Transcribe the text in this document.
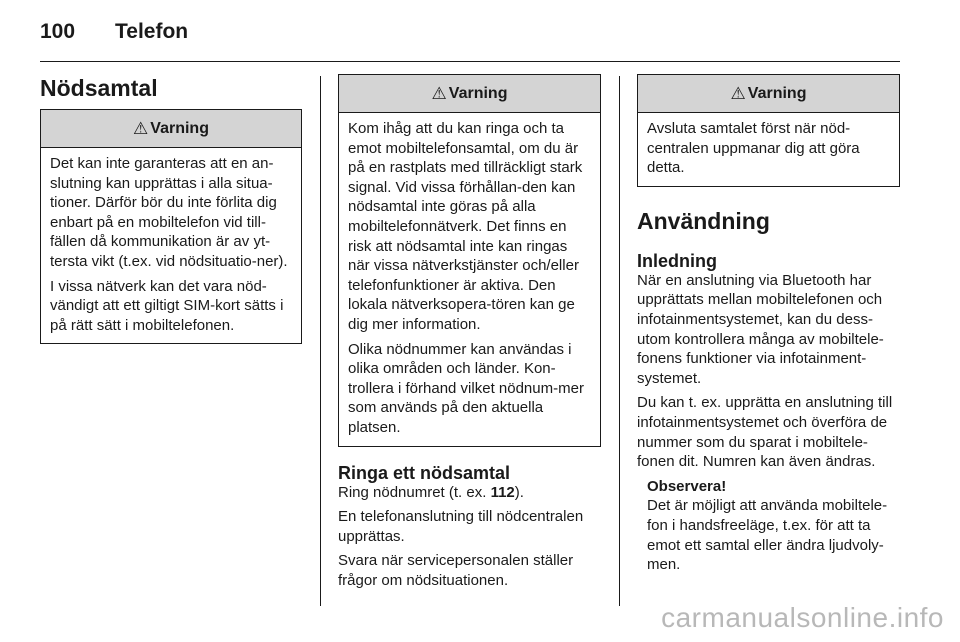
100 Telefon
Nödsamtal
⚠ Varning

Det kan inte garanteras att en an-slutning kan upprättas i alla situa-tioner. Därför bör du inte förlita dig enbart på en mobiltelefon vid till-fällen då kommunikation är av yt-tersta vikt (t.ex. vid nödsituatio-ner).

I vissa nätverk kan det vara nöd-vändigt att ett giltigt SIM-kort sätts i på rätt sätt i mobiltelefonen.

⚠ Varning

Kom ihåg att du kan ringa och ta emot mobiltelefonsamtal, om du är på en rastplats med tillräckligt stark signal. Vid vissa förhållan-den kan nödsamtal inte göras på alla mobiltelefonnätverk. Det finns en risk att nödsamtal inte kan ringas när vissa nätverkstjänster och/eller telefonfunktioner är aktiva. Den lokala nätverksopera-tören kan ge dig mer information.

Olika nödnummer kan användas i olika områden och länder. Kon-trollera i förhand vilket nödnum-mer som används på den aktuella platsen.

Ringa ett nödsamtal

Ring nödnumret (t. ex. 112).

En telefonanslutning till nödcentralen upprättas.

Svara när servicepersonalen ställer frågor om nödsituationen.

⚠ Varning

Avsluta samtalet först när nöd-centralen uppmanar dig att göra detta.

Användning
Inledning

När en anslutning via Bluetooth har upprättats mellan mobiltelefonen och infotainmentsystemet, kan du dess-utom kontrollera många av mobiltele-fonens funktioner via infotainment-systemet.

Du kan t. ex. upprätta en anslutning till infotainmentsystemet och överföra de nummer som du sparat i mobiltele-fonen dit. Numren kan även ändras.

Observera!
Det är möjligt att använda mobiltele-fon i handsfreeläge, t.ex. för att ta emot ett samtal eller ändra ljudvoly-men.
carmanualsonline.info
